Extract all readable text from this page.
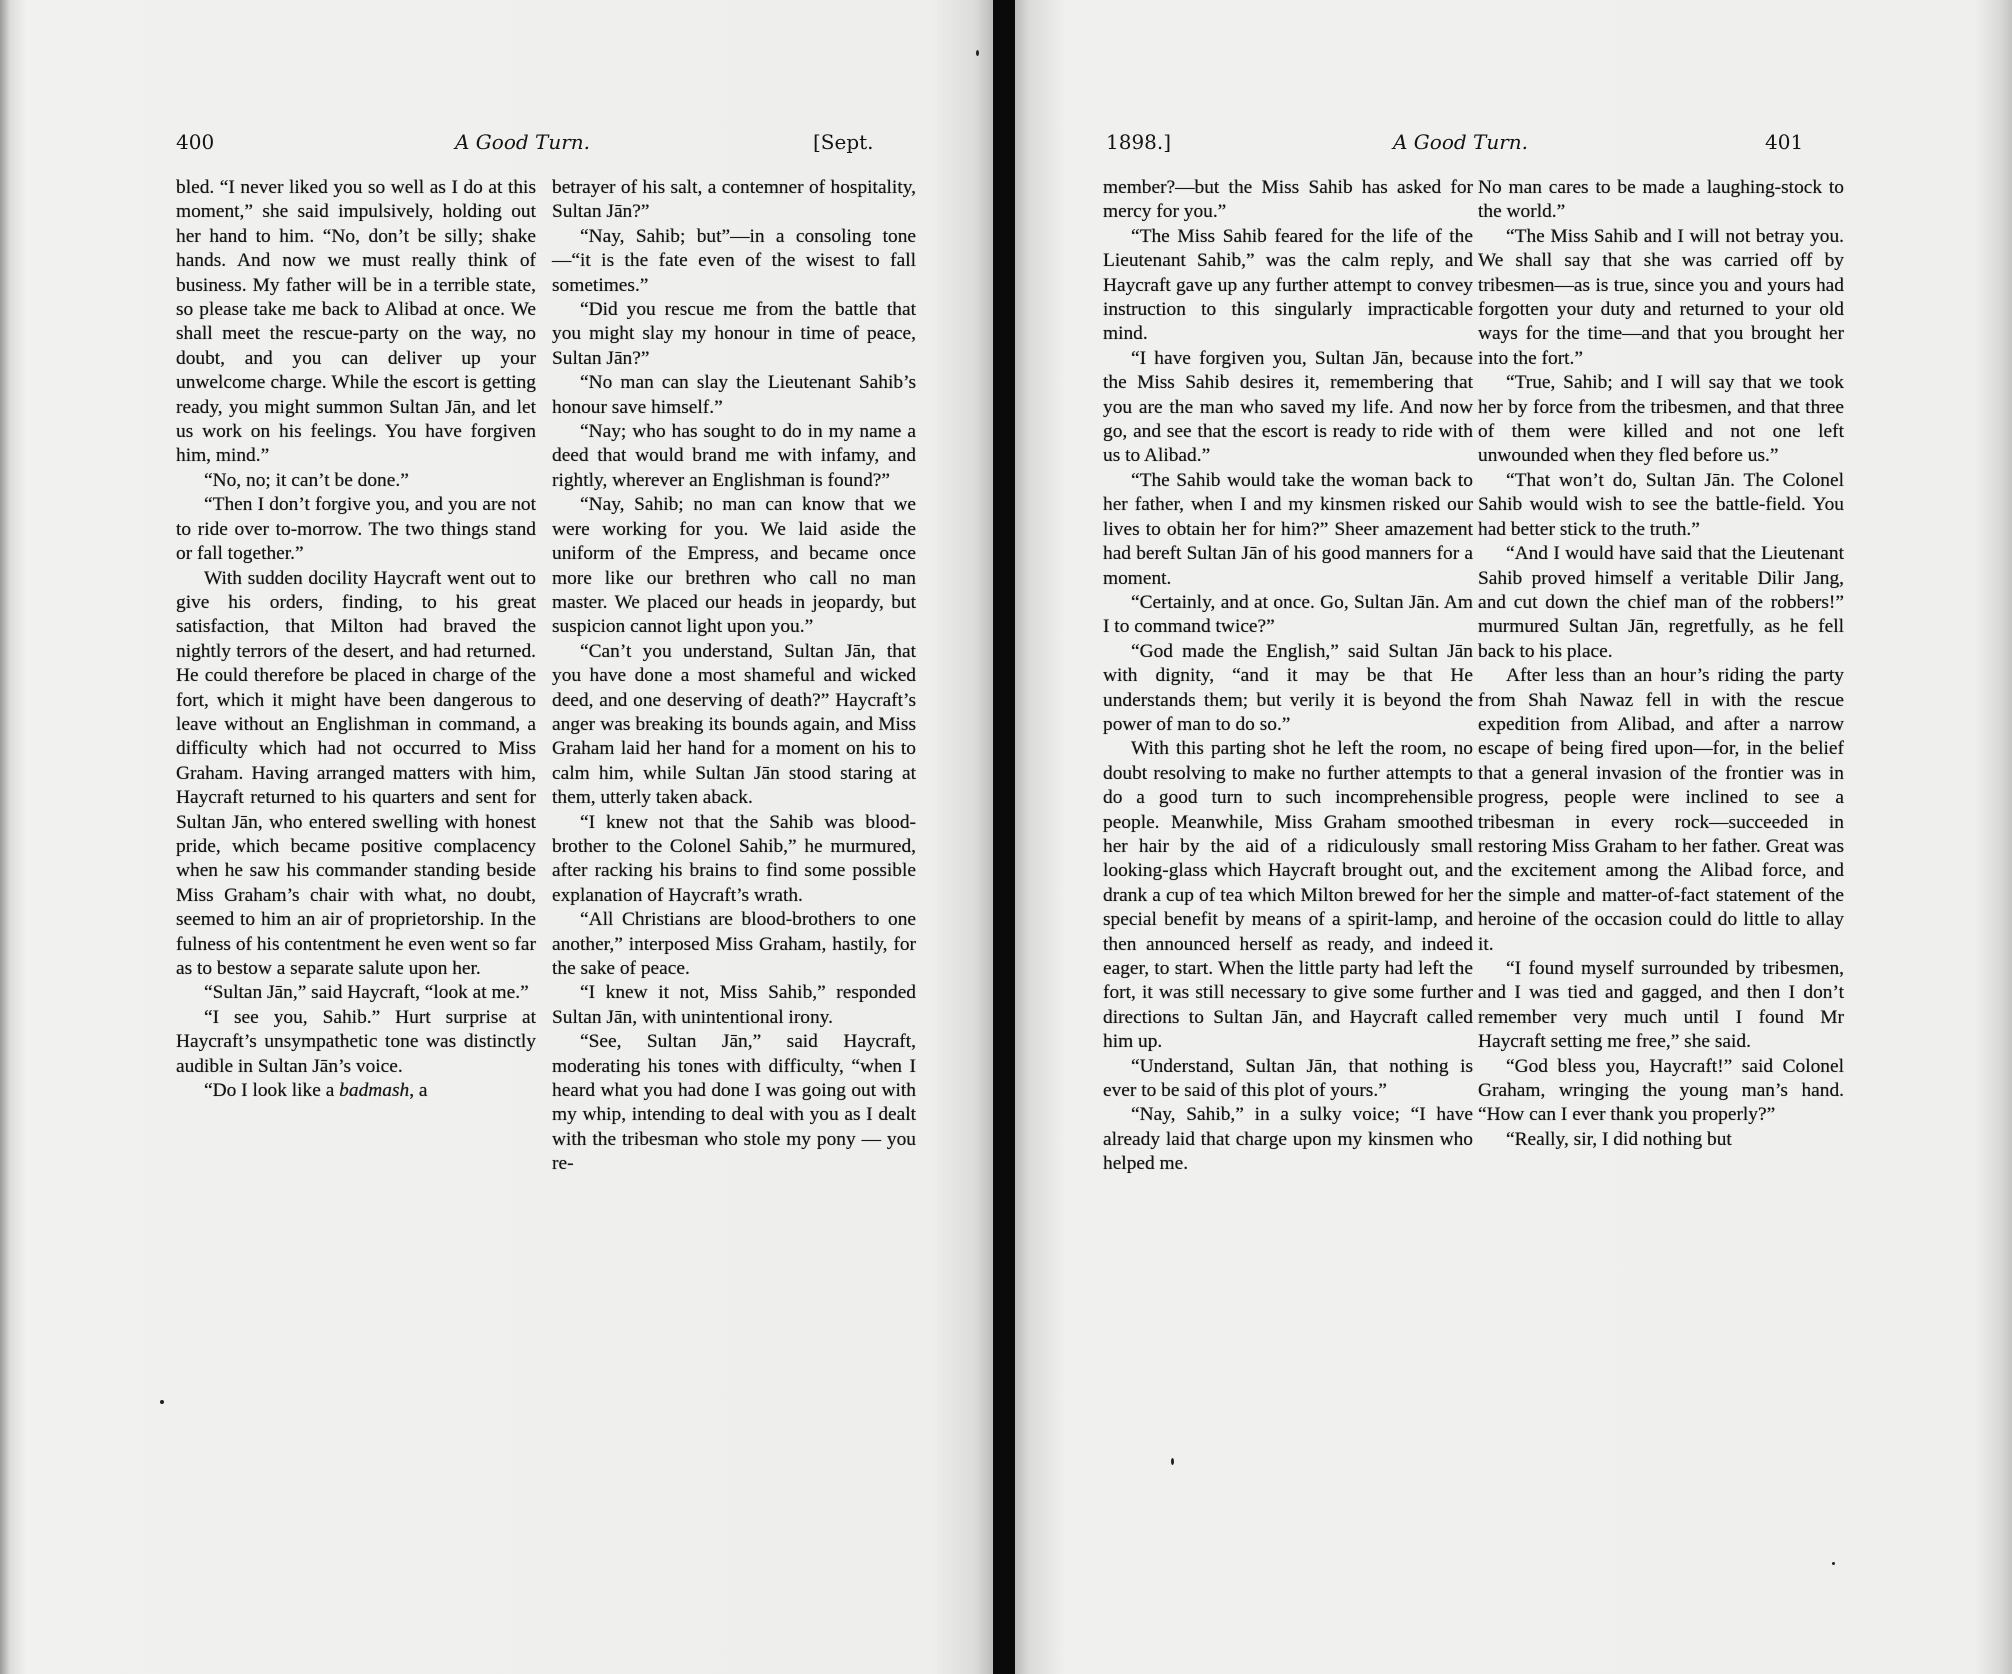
400	A Good Turn.	[Sept.

bled. “I never liked you so well as I do at this moment,” she said impulsively, holding out her hand to him. “No, don’t be silly; shake hands. And now we must really think of business. My father will be in a terrible state, so please take me back to Alibad at once. We shall meet the rescue-party on the way, no doubt, and you can deliver up your unwelcome charge. While the escort is getting ready, you might summon Sultan Jān, and let us work on his feelings. You have forgiven him, mind.”

“No, no; it can’t be done.”

“Then I don’t forgive you, and you are not to ride over to-morrow. The two things stand or fall together.”

With sudden docility Haycraft went out to give his orders, finding, to his great satisfaction, that Milton had braved the nightly terrors of the desert, and had returned. He could therefore be placed in charge of the fort, which it might have been dangerous to leave without an Englishman in command, a difficulty which had not occurred to Miss Graham. Having arranged matters with him, Haycraft returned to his quarters and sent for Sultan Jān, who entered swelling with honest pride, which became positive complacency when he saw his commander standing beside Miss Graham’s chair with what, no doubt, seemed to him an air of proprietorship. In the fulness of his contentment he even went so far as to bestow a separate salute upon her.

“Sultan Jān,” said Haycraft, “look at me.”

“I see you, Sahib.” Hurt surprise at Haycraft’s unsympathetic tone was distinctly audible in Sultan Jān’s voice.

“Do I look like a badmash, a

betrayer of his salt, a contemner of hospitality, Sultan Jān?”

“Nay, Sahib; but”—in a consoling tone—“it is the fate even of the wisest to fall sometimes.”

“Did you rescue me from the battle that you might slay my honour in time of peace, Sultan Jān?”

“No man can slay the Lieutenant Sahib’s honour save himself.”

“Nay; who has sought to do in my name a deed that would brand me with infamy, and rightly, wherever an Englishman is found?”

“Nay, Sahib; no man can know that we were working for you. We laid aside the uniform of the Empress, and became once more like our brethren who call no man master. We placed our heads in jeopardy, but suspicion cannot light upon you.”

“Can’t you understand, Sultan Jān, that you have done a most shameful and wicked deed, and one deserving of death?” Haycraft’s anger was breaking its bounds again, and Miss Graham laid her hand for a moment on his to calm him, while Sultan Jān stood staring at them, utterly taken aback.

“I knew not that the Sahib was blood-brother to the Colonel Sahib,” he murmured, after racking his brains to find some possible explanation of Haycraft’s wrath.

“All Christians are blood-brothers to one another,” interposed Miss Graham, hastily, for the sake of peace.

“I knew it not, Miss Sahib,” responded Sultan Jān, with unintentional irony.

“See, Sultan Jān,” said Haycraft, moderating his tones with difficulty, “when I heard what you had done I was going out with my whip, intending to deal with you as I dealt with the tribesman who stole my pony — you re-

1898.]	A Good Turn.	401

member?—but the Miss Sahib has asked for mercy for you.”

“The Miss Sahib feared for the life of the Lieutenant Sahib,” was the calm reply, and Haycraft gave up any further attempt to convey instruction to this singularly impracticable mind.

“I have forgiven you, Sultan Jān, because the Miss Sahib desires it, remembering that you are the man who saved my life. And now go, and see that the escort is ready to ride with us to Alibad.”

“The Sahib would take the woman back to her father, when I and my kinsmen risked our lives to obtain her for him?” Sheer amazement had bereft Sultan Jān of his good manners for a moment.

“Certainly, and at once. Go, Sultan Jān. Am I to command twice?”

“God made the English,” said Sultan Jān with dignity, “and it may be that He understands them; but verily it is beyond the power of man to do so.”

With this parting shot he left the room, no doubt resolving to make no further attempts to do a good turn to such incomprehensible people. Meanwhile, Miss Graham smoothed her hair by the aid of a ridiculously small looking-glass which Haycraft brought out, and drank a cup of tea which Milton brewed for her special benefit by means of a spirit-lamp, and then announced herself as ready, and indeed eager, to start. When the little party had left the fort, it was still necessary to give some further directions to Sultan Jān, and Haycraft called him up.

“Understand, Sultan Jān, that nothing is ever to be said of this plot of yours.”

“Nay, Sahib,” in a sulky voice; “I have already laid that charge upon my kinsmen who helped me.

No man cares to be made a laughing-stock to the world.”

“The Miss Sahib and I will not betray you. We shall say that she was carried off by tribesmen—as is true, since you and yours had forgotten your duty and returned to your old ways for the time—and that you brought her into the fort.”

“True, Sahib; and I will say that we took her by force from the tribesmen, and that three of them were killed and not one left unwounded when they fled before us.”

“That won’t do, Sultan Jān. The Colonel Sahib would wish to see the battle-field. You had better stick to the truth.”

“And I would have said that the Lieutenant Sahib proved himself a veritable Dilir Jang, and cut down the chief man of the robbers!” murmured Sultan Jān, regretfully, as he fell back to his place.

After less than an hour’s riding the party from Shah Nawaz fell in with the rescue expedition from Alibad, and after a narrow escape of being fired upon—for, in the belief that a general invasion of the frontier was in progress, people were inclined to see a tribesman in every rock—succeeded in restoring Miss Graham to her father. Great was the excitement among the Alibad force, and the simple and matter-of-fact statement of the heroine of the occasion could do little to allay it.

“I found myself surrounded by tribesmen, and I was tied and gagged, and then I don’t remember very much until I found Mr Haycraft setting me free,” she said.

“God bless you, Haycraft!” said Colonel Graham, wringing the young man’s hand. “How can I ever thank you properly?”

“Really, sir, I did nothing but
